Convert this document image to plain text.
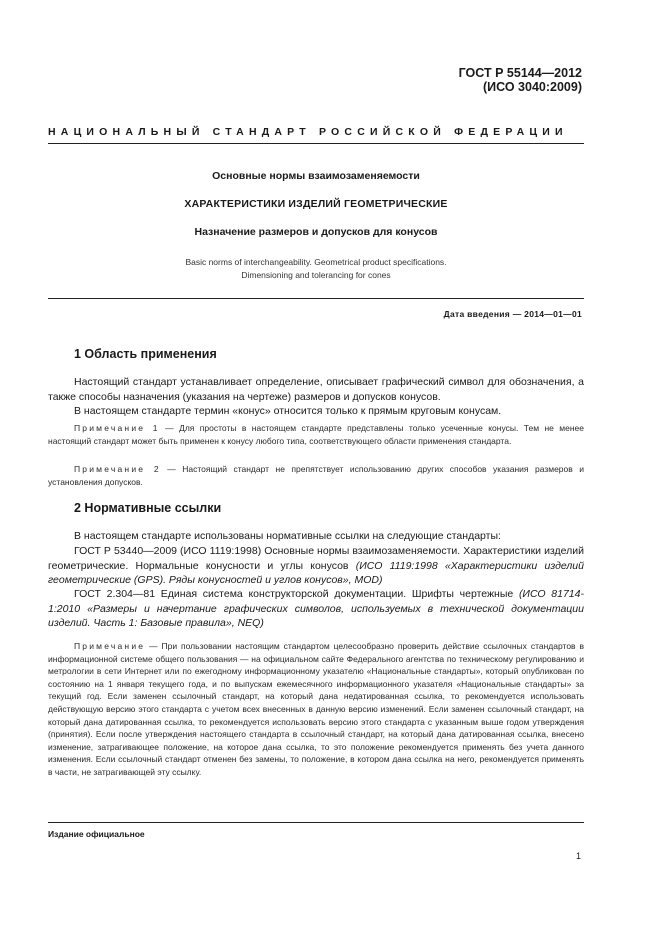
ГОСТ Р 55144—2012
(ИСО 3040:2009)
НАЦИОНАЛЬНЫЙ СТАНДАРТ РОССИЙСКОЙ ФЕДЕРАЦИИ
Основные нормы взаимозаменяемости
ХАРАКТЕРИСТИКИ ИЗДЕЛИЙ ГЕОМЕТРИЧЕСКИЕ
Назначение размеров и допусков для конусов
Basic norms of interchangeability. Geometrical product specifications.
Dimensioning and tolerancing for cones
Дата введения — 2014—01—01
1 Область применения
Настоящий стандарт устанавливает определение, описывает графический символ для обозначения, а также способы назначения (указания на чертеже) размеров и допусков конусов.
В настоящем стандарте термин «конус» относится только к прямым круговым конусам.
Примечание 1 — Для простоты в настоящем стандарте представлены только усеченные конусы. Тем не менее настоящий стандарт может быть применен к конусу любого типа, соответствующего области применения стандарта.
Примечание 2 — Настоящий стандарт не препятствует использованию других способов указания размеров и установления допусков.
2 Нормативные ссылки
В настоящем стандарте использованы нормативные ссылки на следующие стандарты:
ГОСТ Р 53440—2009 (ИСО 1119:1998) Основные нормы взаимозаменяемости. Характеристики изделий геометрические. Нормальные конусности и углы конусов (ИСО 1119:1998 «Характеристики изделий геометрические (GPS). Ряды конусностей и углов конусов», MOD)
ГОСТ 2.304—81 Единая система конструкторской документации. Шрифты чертежные (ИСО 81714-1:2010 «Размеры и начертание графических символов, используемых в технической документации изделий. Часть 1: Базовые правила», NEQ)
Примечание — При пользовании настоящим стандартом целесообразно проверить действие ссылочных стандартов в информационной системе общего пользования — на официальном сайте Федерального агентства по техническому регулированию и метрологии в сети Интернет или по ежегодному информационному указателю «Национальные стандарты», который опубликован по состоянию на 1 января текущего года, и по выпускам ежемесячного информационного указателя «Национальные стандарты» за текущий год. Если заменен ссылочный стандарт, на который дана недатированная ссылка, то рекомендуется использовать действующую версию этого стандарта с учетом всех внесенных в данную версию изменений. Если заменен ссылочный стандарт, на который дана датированная ссылка, то рекомендуется использовать версию этого стандарта с указанным выше годом утверждения (принятия). Если после утверждения настоящего стандарта в ссылочный стандарт, на который дана датированная ссылка, внесено изменение, затрагивающее положение, на которое дана ссылка, то это положение рекомендуется применять без учета данного изменения. Если ссылочный стандарт отменен без замены, то положение, в котором дана ссылка на него, рекомендуется применять в части, не затрагивающей эту ссылку.
Издание официальное
1
